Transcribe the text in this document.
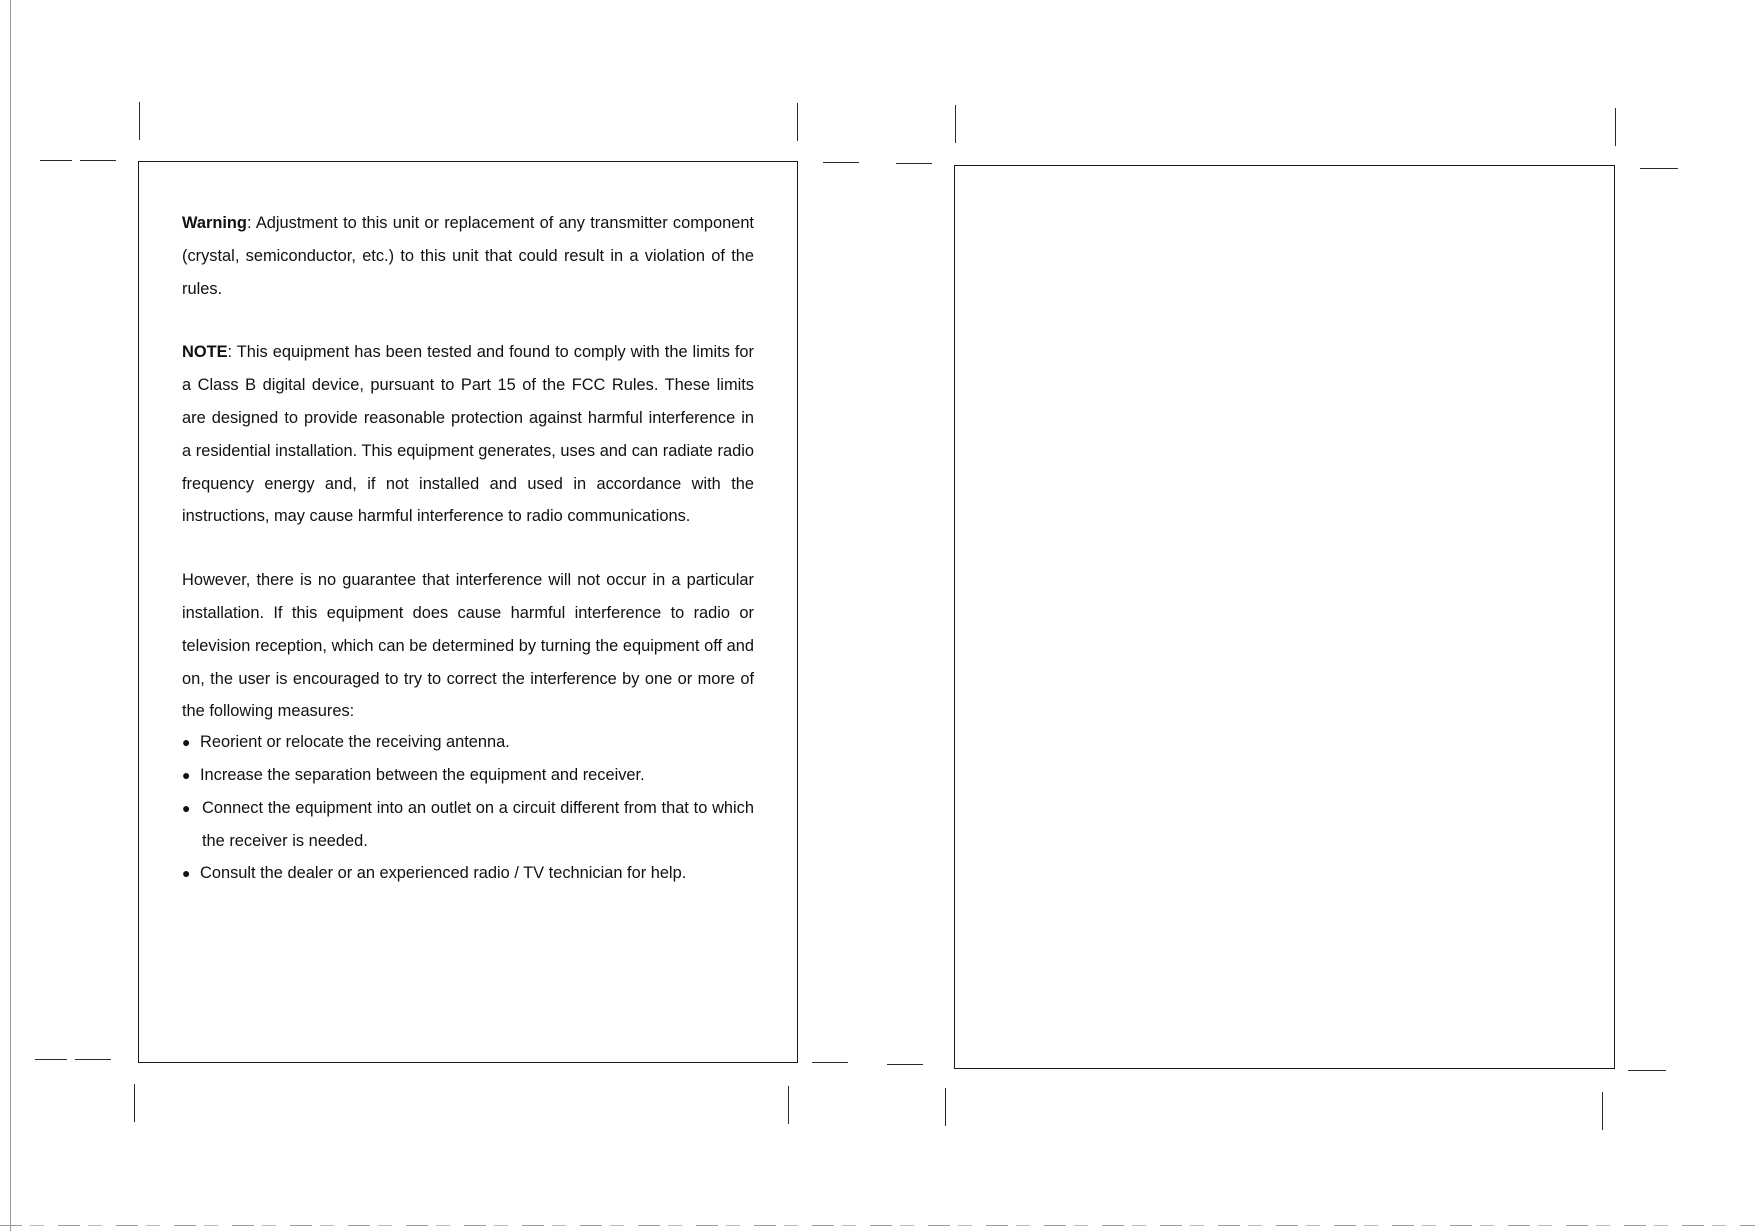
Warning: Adjustment to this unit or replacement of any transmitter component (crystal, semiconductor, etc.) to this unit that could result in a violation of the rules.

NOTE: This equipment has been tested and found to comply with the limits for a Class B digital device, pursuant to Part 15 of the FCC Rules. These limits are designed to provide reasonable protection against harmful interference in a residential installation. This equipment generates, uses and can radiate radio frequency energy and, if not installed and used in accordance with the instructions, may cause harmful interference to radio communications.

However, there is no guarantee that interference will not occur in a particular installation. If this equipment does cause harmful interference to radio or television reception, which can be determined by turning the equipment off and on, the user is encouraged to try to correct the interference by one or more of the following measures:

● Reorient or relocate the receiving antenna.
● Increase the separation between the equipment and receiver.
● Connect the equipment into an outlet on a circuit different from that to which the receiver is needed.
● Consult the dealer or an experienced radio / TV technician for help.
